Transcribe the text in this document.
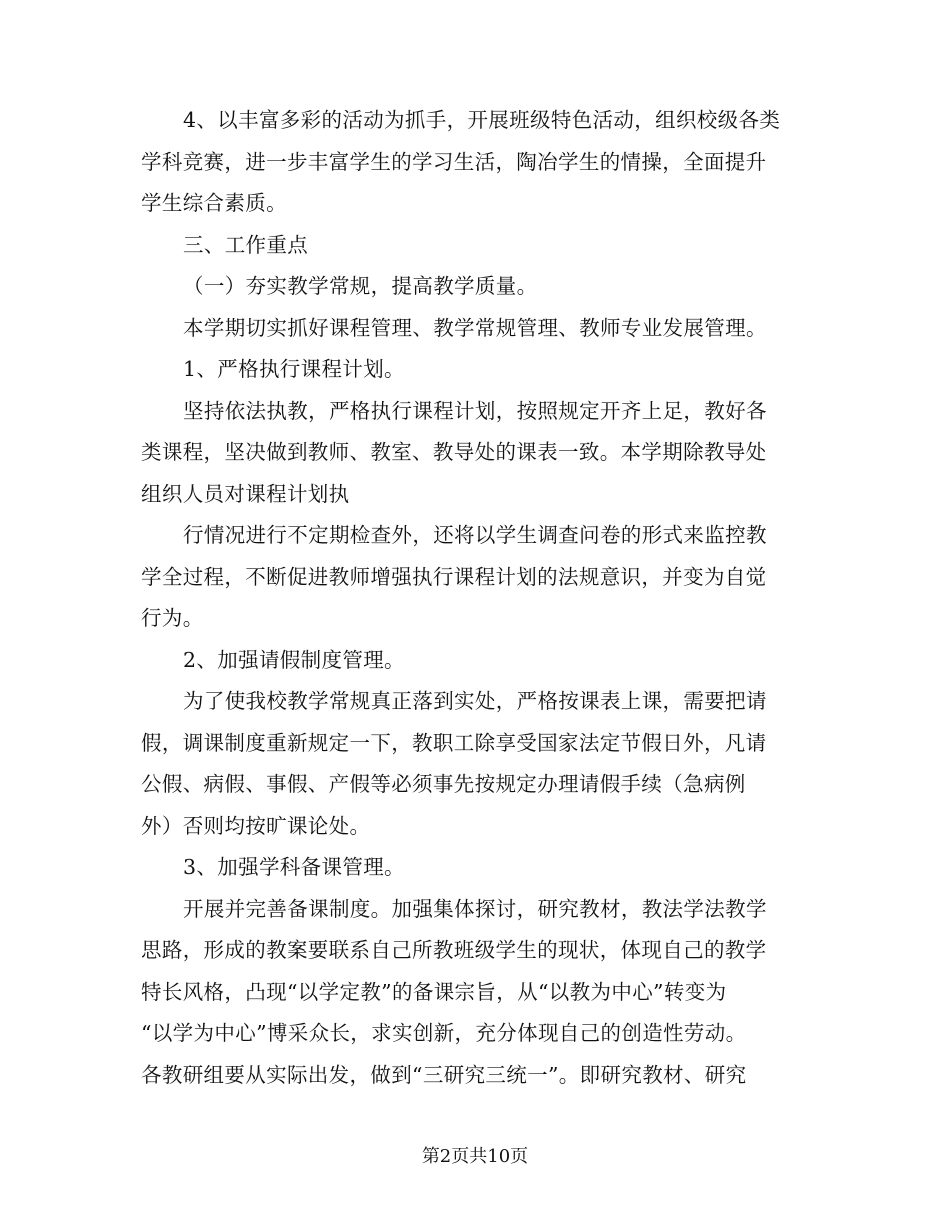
4、以丰富多彩的活动为抓手，开展班级特色活动，组织校级各类
学科竞赛，进一步丰富学生的学习生活，陶冶学生的情操，全面提升
学生综合素质。
三、工作重点
（一）夯实教学常规，提高教学质量。
本学期切实抓好课程管理、教学常规管理、教师专业发展管理。
1、严格执行课程计划。
坚持依法执教，严格执行课程计划，按照规定开齐上足，教好各
类课程，坚决做到教师、教室、教导处的课表一致。本学期除教导处
组织人员对课程计划执
行情况进行不定期检查外，还将以学生调查问卷的形式来监控教
学全过程，不断促进教师增强执行课程计划的法规意识，并变为自觉
行为。
2、加强请假制度管理。
为了使我校教学常规真正落到实处，严格按课表上课，需要把请
假，调课制度重新规定一下，教职工除享受国家法定节假日外，凡请
公假、病假、事假、产假等必须事先按规定办理请假手续（急病例
外）否则均按旷课论处。
3、加强学科备课管理。
开展并完善备课制度。加强集体探讨，研究教材，教法学法教学
思路，形成的教案要联系自己所教班级学生的现状，体现自己的教学
特长风格，凸现“以学定教”的备课宗旨，从“以教为中心”转变为
“以学为中心”博采众长，求实创新，充分体现自己的创造性劳动。
各教研组要从实际出发，做到“三研究三统一”。即研究教材、研究
第2页共10页
